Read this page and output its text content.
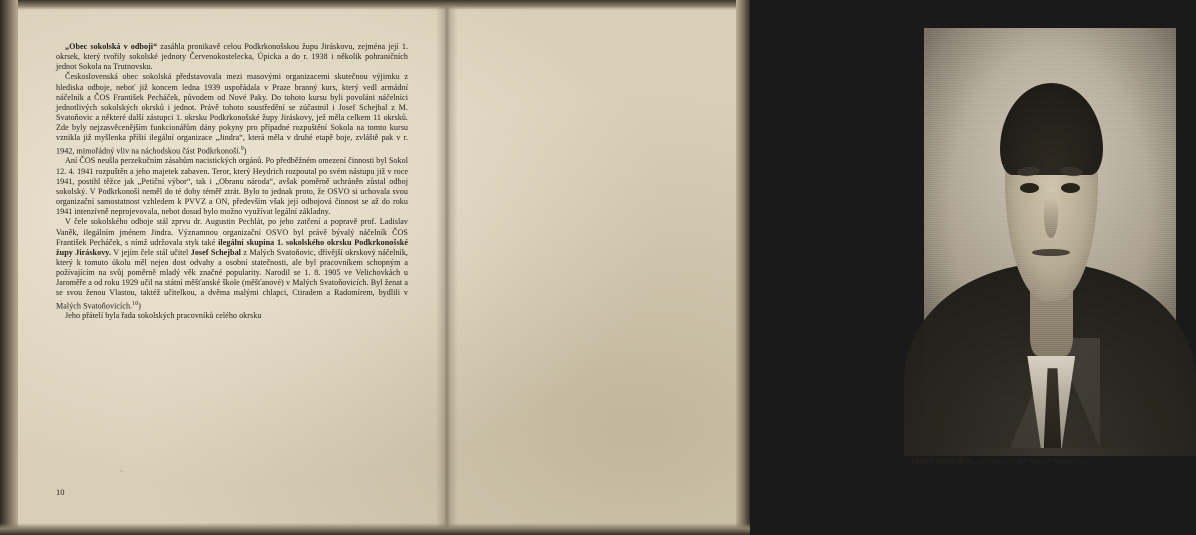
„Obec sokolská v odboji“ zasáhla pronikavě celou Podkrkonošskou župu Jiráskovu, zejména její 1. okrsek, který tvořily sokolské jednoty Červenokostelecka, Úpicka a do r. 1938 i několik pohraničních jednot Sokola na Trutnovsku.

Československá obec sokolská představovala mezi masovými organizacemi skutečnou výjimku z hlediska odboje, neboť již koncem ledna 1939 uspořádala v Praze branný kurs, který vedl armádní náčelník a ČOS František Pecháček, původem od Nové Paky. Do tohoto kursu byli povoláni náčelníci jednotlivých sokolských okrsků i jednot. Právě tohoto soustředění se zúčastnil i Josef Schejbal z M. Svatoňovic a některé další zástupci 1. okrsku Podkrkonošské župy Jiráskovy, jež měla celkem 11 okrsků. Zde byly nejzasvěcenějším funkcionářům dány pokyny pro případné rozpuštění Sokola na tomto kursu vznikla již myšlenka příští ilegální organizace „Jindra“, která měla v druhé etapě boje, zvláště pak v r. 1942, mimořádný vliv na náchodskou část Podkrkonoší.$^9$)

Aní ČOS neušla perzekučním zásahům nacistických orgánů. Po předběžném omezení činnosti byl Sokol 12. 4. 1941 rozpuštěn a jeho majetek zabaven. Teror, který Heydrich rozpoutal po svém nástupu již v roce 1941, postihl těžce jak „Petiční výbor“, tak i „Obranu národa“, avšak poměrně uchráněn zůstal odboj sokolský. V Podkrkonoší neměl do té doby téměř ztrát. Bylo to jednak proto, že OSVO si uchovala svou organizační samostatnost vzhledem k PVVZ a ON, především však její odbojová činnost se až do roku 1941 intenzívně neprojevovala, nebot dosud bylo možno využívat legální základny.

V čele sokolského odboje stál zprvu dr. Augustin Pechlát, po jeho zatčení a popravě prof. Ladislav Vaněk, ilegálním jménem Jindra. Významnou organizační OSVO byl právě bývalý náčelník ČOS František Pecháček, s nímž udržovala styk také ilegální skupina 1. sokolského okrsku Podkrkonošské župy Jiráskovy. V jejím čele stál učitel Josef Schejbal z Malých Svatoňovic, dřívější okrskový náčelník, který k tomuto úkolu měl nejen dost odvahy a osobní statečnosti, ale byl pracovníkem schopným a požívajícím na svůj poměrně mladý věk značné popularity. Narodil se 1. 8. 1905 ve Velichovkách u Jaroměře a od roku 1929 učil na státní měšťanské škole (měšťanové) v Malých Svatoňovicích. Byl ženat a se svou ženou Vlastou, taktéž učitelkou, a dvěma malými chlapci, Ctiradem a Radomírem, bydlili v Malých Svatoňovicích.$^{10}$)

Jeho přátelí byla řada sokolských pracovníků celého okrsku

10
JOSEF SCHEJBAL, odborný učitel z Malých Svatoňovic
